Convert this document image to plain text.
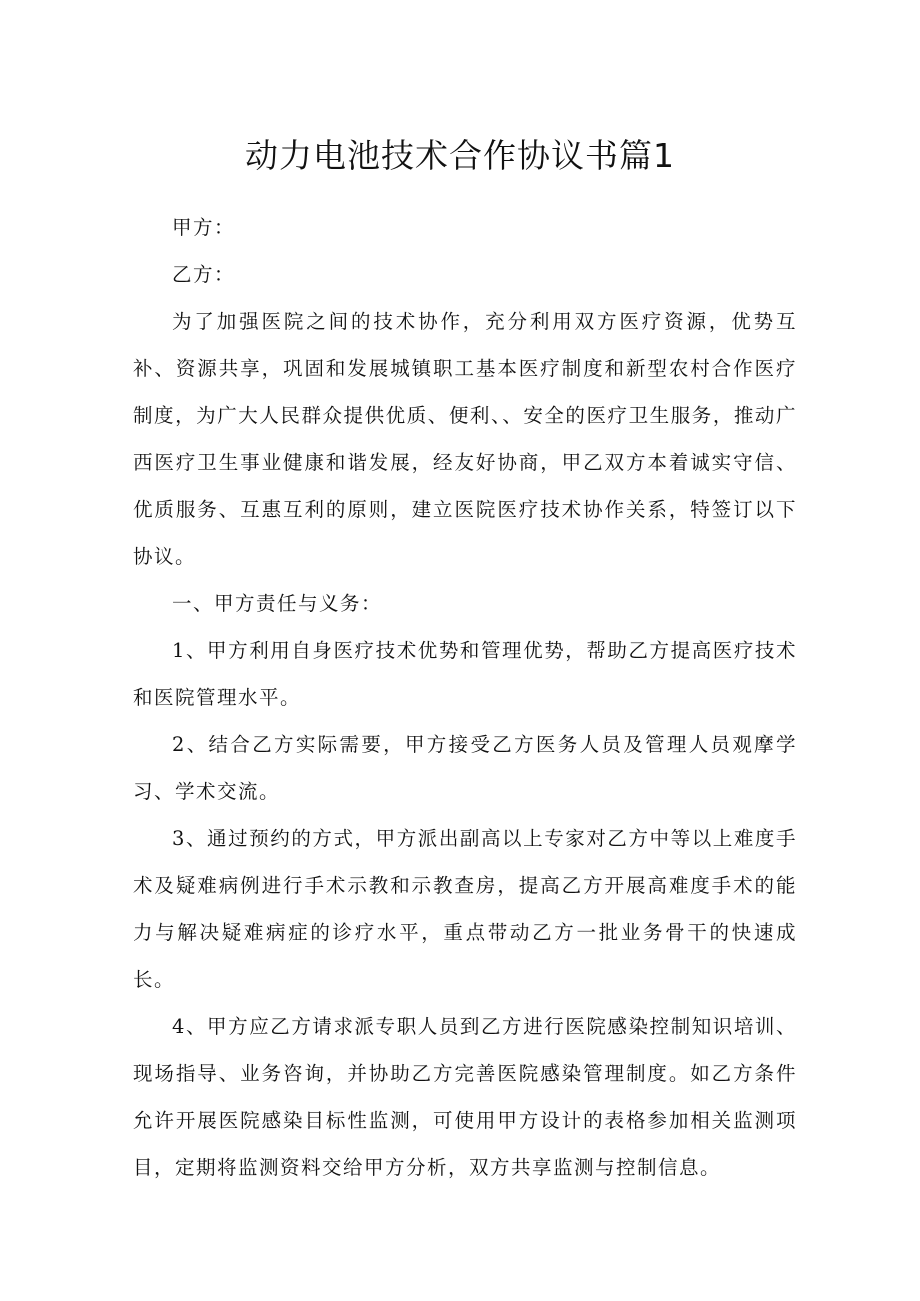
动力电池技术合作协议书篇1

甲方：

乙方：

为了加强医院之间的技术协作，充分利用双方医疗资源，优势互补、资源共享，巩固和发展城镇职工基本医疗制度和新型农村合作医疗制度，为广大人民群众提供优质、便利、、安全的医疗卫生服务，推动广西医疗卫生事业健康和谐发展，经友好协商，甲乙双方本着诚实守信、优质服务、互惠互利的原则，建立医院医疗技术协作关系，特签订以下协议。

一、甲方责任与义务：

1、甲方利用自身医疗技术优势和管理优势，帮助乙方提高医疗技术和医院管理水平。

2、结合乙方实际需要，甲方接受乙方医务人员及管理人员观摩学习、学术交流。

3、通过预约的方式，甲方派出副高以上专家对乙方中等以上难度手术及疑难病例进行手术示教和示教查房，提高乙方开展高难度手术的能力与解决疑难病症的诊疗水平，重点带动乙方一批业务骨干的快速成长。

4、甲方应乙方请求派专职人员到乙方进行医院感染控制知识培训、现场指导、业务咨询，并协助乙方完善医院感染管理制度。如乙方条件允许开展医院感染目标性监测，可使用甲方设计的表格参加相关监测项目，定期将监测资料交给甲方分析，双方共享监测与控制信息。
